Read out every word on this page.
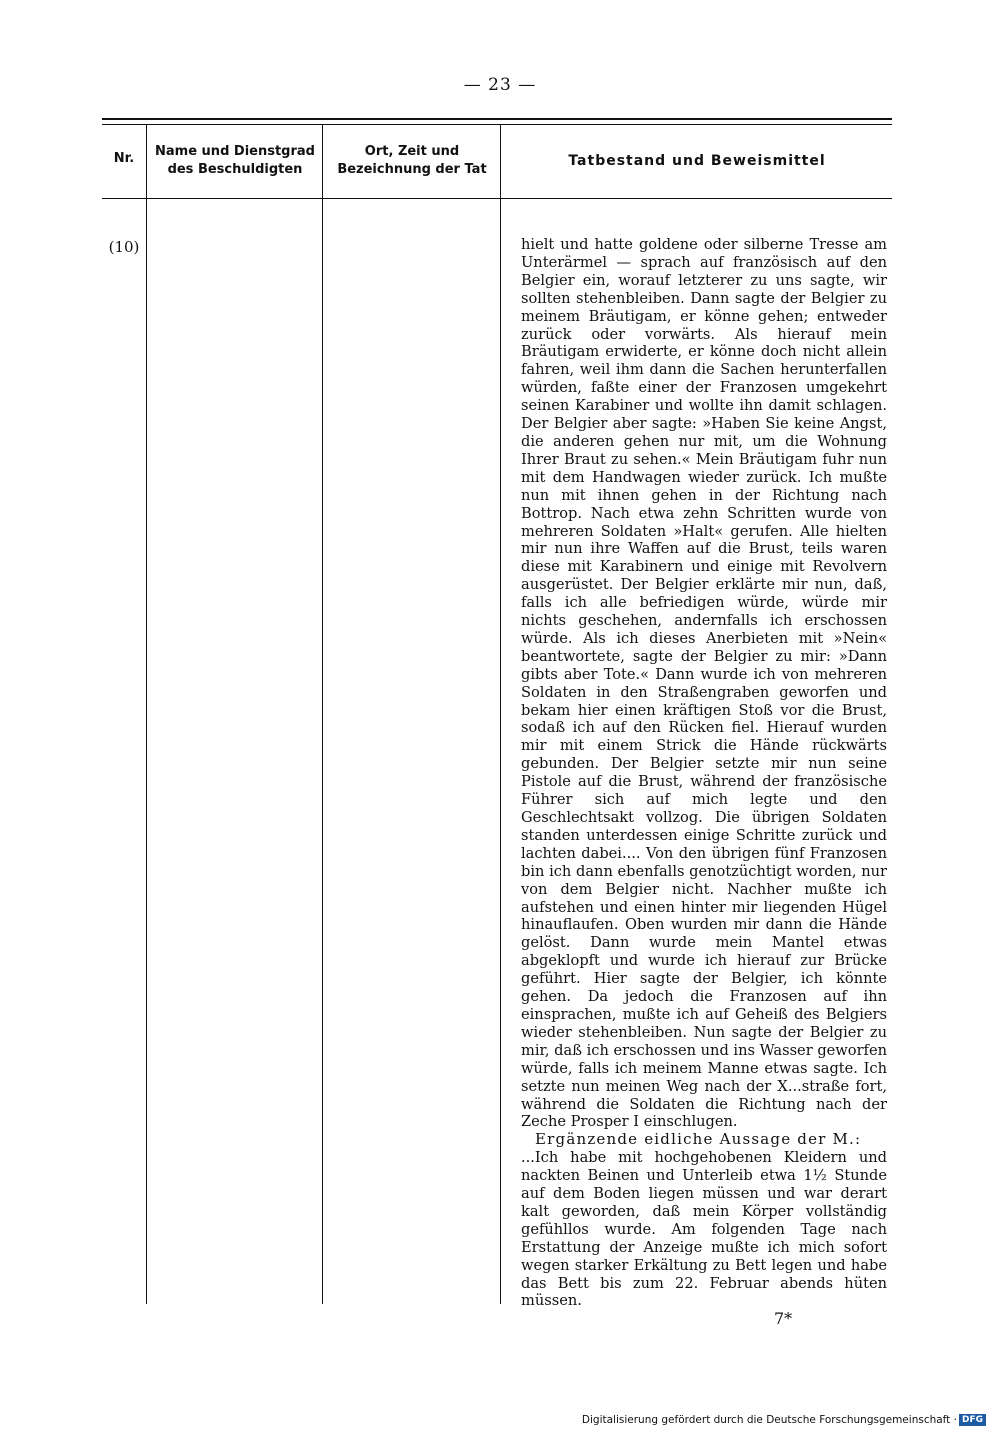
— 23 —
Nr.	Name und Dienstgrad des Beschuldigten
Ort, Zeit und Bezeichnung der Tat
Tatbestand und Beweismittel
(10)	hielt und hatte goldene oder silberne Tresse am Unterärmel — sprach auf französisch auf den Belgier ein, worauf letzterer zu uns sagte, wir sollten stehenbleiben. Dann sagte der Belgier zu meinem Bräutigam, er könne gehen; entweder zurück oder vorwärts. Als hierauf mein Bräutigam erwiderte, er könne doch nicht allein fahren, weil ihm dann die Sachen herunterfallen würden, faßte einer der Franzosen umgekehrt seinen Karabiner und wollte ihn damit schlagen. Der Belgier aber sagte: »Haben Sie keine Angst, die anderen gehen nur mit, um die Wohnung Ihrer Braut zu sehen.« Mein Bräutigam fuhr nun mit dem Handwagen wieder zurück. Ich mußte nun mit ihnen gehen in der Richtung nach Bottrop. Nach etwa zehn Schritten wurde von mehreren Soldaten »Halt« gerufen. Alle hielten mir nun ihre Waffen auf die Brust, teils waren diese mit Karabinern und einige mit Revolvern ausgerüstet. Der Belgier erklärte mir nun, daß, falls ich alle befriedigen würde, würde mir nichts geschehen, andernfalls ich erschossen würde. Als ich dieses Anerbieten mit »Nein« beantwortete, sagte der Belgier zu mir: »Dann gibts aber Tote.« Dann wurde ich von mehreren Soldaten in den Straßengraben geworfen und bekam hier einen kräftigen Stoß vor die Brust, sodaß ich auf den Rücken fiel. Hierauf wurden mir mit einem Strick die Hände rückwärts gebunden. Der Belgier setzte mir nun seine Pistole auf die Brust, während der französische Führer sich auf mich legte und den Geschlechtsakt vollzog. Die übrigen Soldaten standen unterdessen einige Schritte zurück und lachten dabei.... Von den übrigen fünf Franzosen bin ich dann ebenfalls genotzüchtigt worden, nur von dem Belgier nicht. Nachher mußte ich aufstehen und einen hinter mir liegenden Hügel hinauflaufen. Oben wurden mir dann die Hände gelöst. Dann wurde mein Mantel etwas abgeklopft und wurde ich hierauf zur Brücke geführt. Hier sagte der Belgier, ich könnte gehen. Da jedoch die Franzosen auf ihn einsprachen, mußte ich auf Geheiß des Belgiers wieder stehenbleiben. Nun sagte der Belgier zu mir, daß ich erschossen und ins Wasser geworfen würde, falls ich meinem Manne etwas sagte. Ich setzte nun meinen Weg nach der X...straße fort, während die Soldaten die Richtung nach der Zeche Prosper I einschlugen.

Ergänzende eidliche Aussage der M.:

...Ich habe mit hochgehobenen Kleidern und nackten Beinen und Unterleib etwa 1½ Stunde auf dem Boden liegen müssen und war derart kalt geworden, daß mein Körper vollständig gefühllos wurde. Am folgenden Tage nach Erstattung der Anzeige mußte ich mich sofort wegen starker Erkältung zu Bett legen und habe das Bett bis zum 22. Februar abends hüten müssen.

7*
Digitalisierung gefördert durch die Deutsche Forschungsgemeinschaft · DFG
